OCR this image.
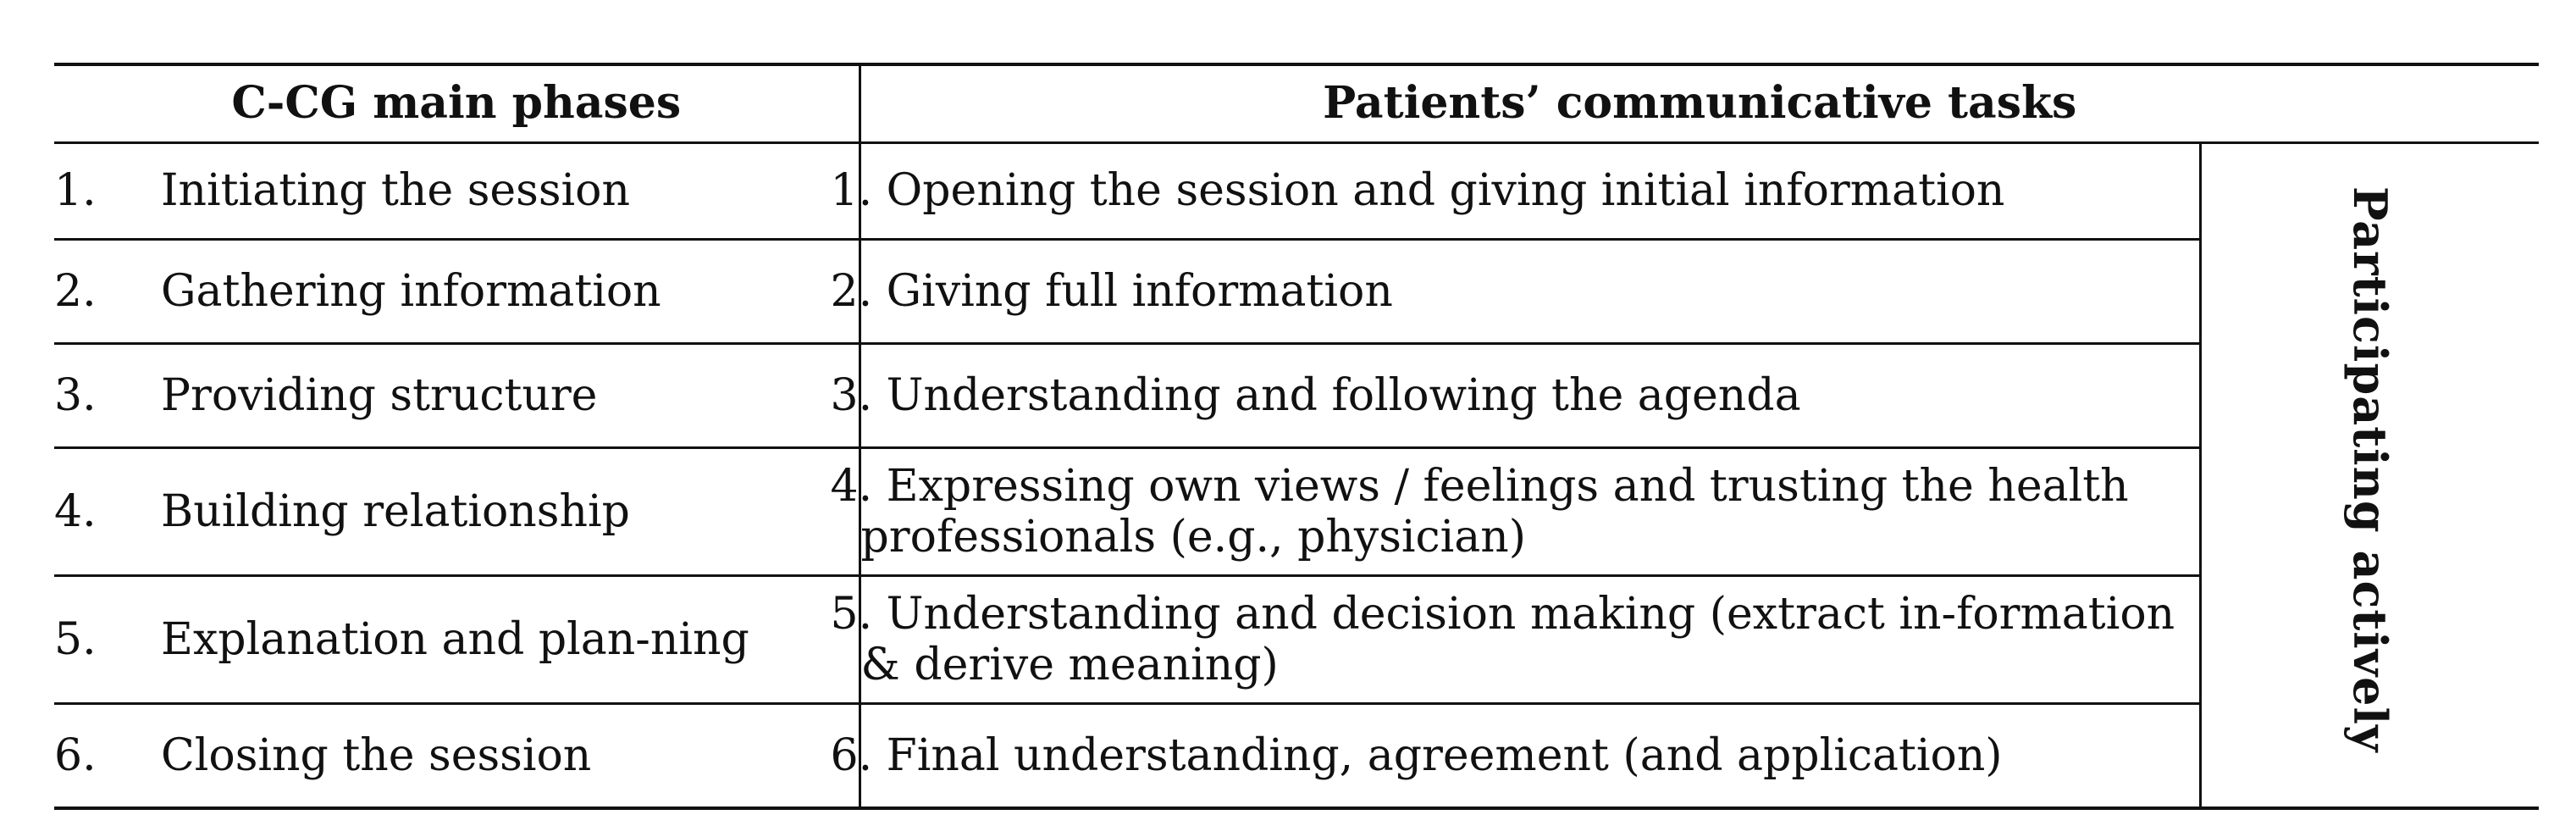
C-CG main phases		Patients’ communicative tasks	
1.	Initiating the session	1. Opening the session and giving initial information	Participating actively
2.	Gathering information	2. Giving full information	
3.	Providing structure	3. Understanding and following the agenda	
4.	Building relationship	4. Expressing own views / feelings and trusting the health professionals (e.g., physician)	
5.	Explanation and plan-ning	5. Understanding and decision making (extract in-formation & derive meaning)	
6.	Closing the session	6. Final understanding, agreement (and application)	
